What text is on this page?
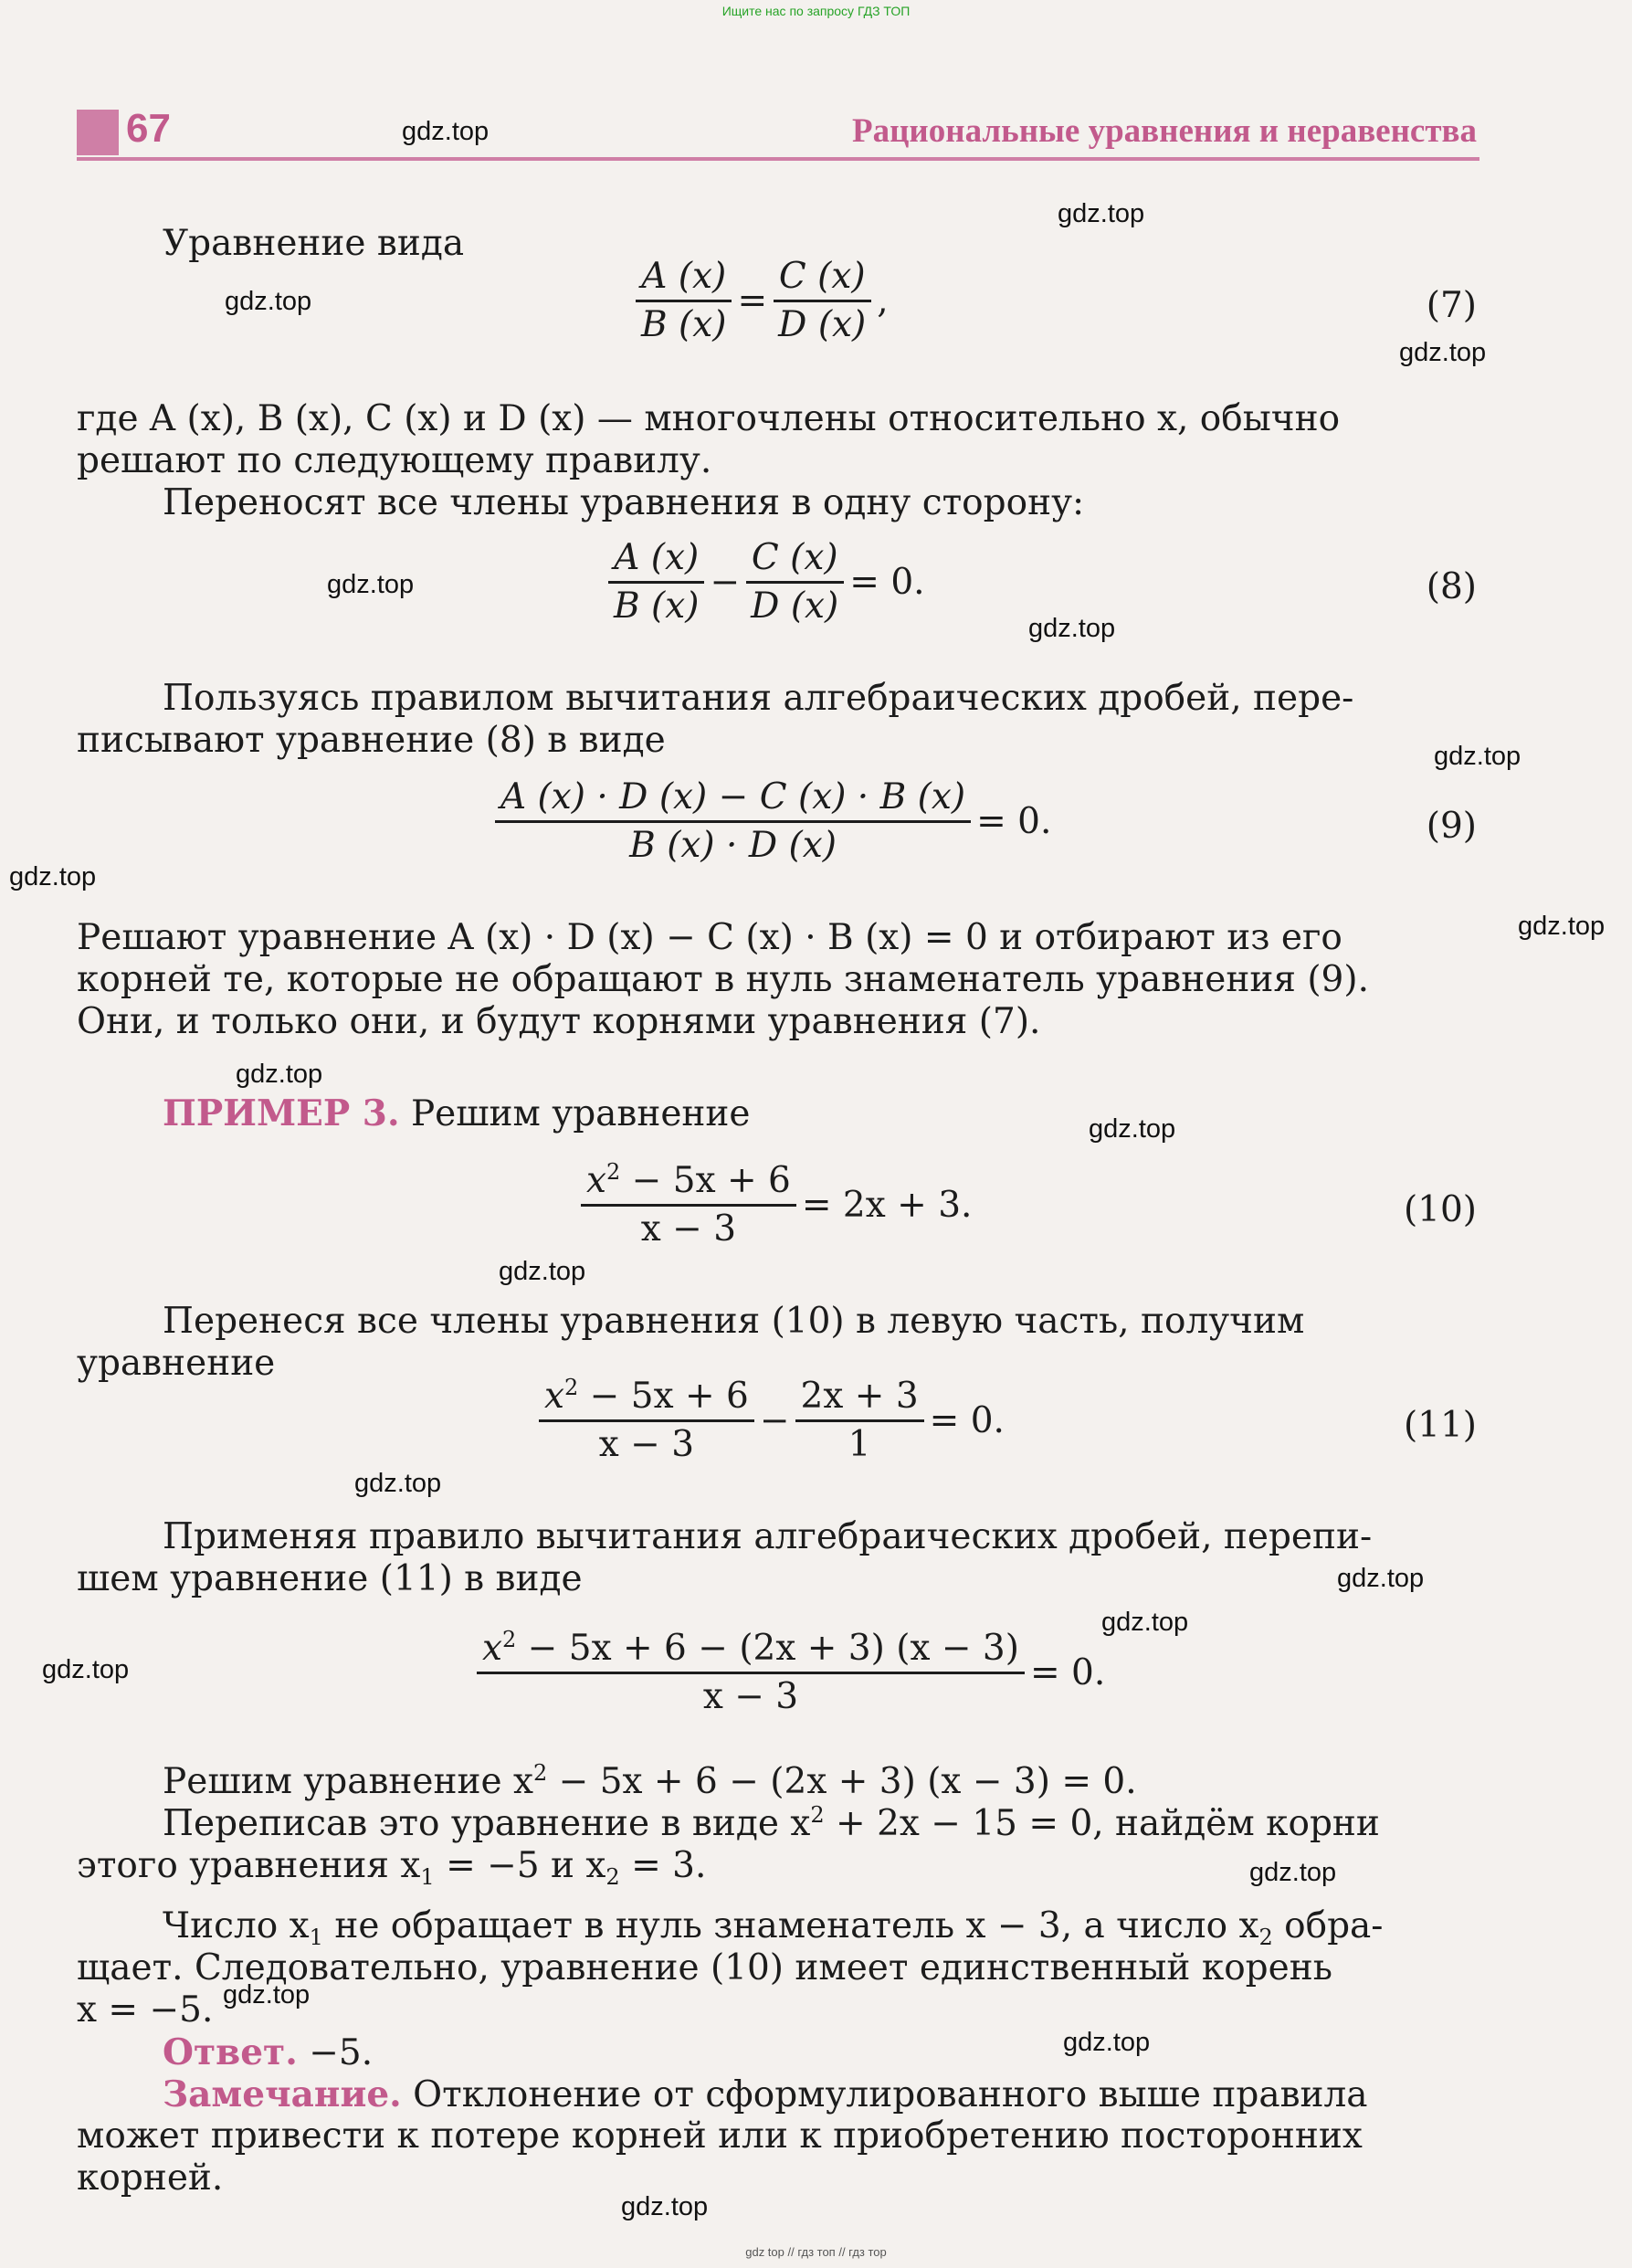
Ищите нас по запросу ГДЗ ТОП
67	Рациональные уравнения и неравенства
Уравнение вида
$\frac{A (x)}{B (x)} = \frac{C (x)}{D (x)}$ ,	(7)
где A (x), B (x), C (x) и D (x) — многочлены относительно x, обычно
решают по следующему правилу.
Переносят все члены уравнения в одну сторону:
$\frac{A (x)}{B (x)} - \frac{C (x)}{D (x)} = 0$.	(8)
Пользуясь правилом вычитания алгебраических дробей, пере-
писывают уравнение (8) в виде
$\frac{A (x) \cdot D (x) - C (x) \cdot B (x)}{B (x) \cdot D (x)} = 0$.	(9)
Решают уравнение A (x) · D (x) − C (x) · B (x) = 0 и отбирают из его
корней те, которые не обращают в нуль знаменатель уравнения (9).
Они, и только они, и будут корнями уравнения (7).
ПРИМЕР 3. Решим уравнение
$\frac{x^2 - 5x + 6}{x - 3} = 2x + 3$.	(10)
Перенеся все члены уравнения (10) в левую часть, получим
уравнение
$\frac{x^2 - 5x + 6}{x - 3} - \frac{2x + 3}{1} = 0$.	(11)
Применяя правило вычитания алгебраических дробей, перепи-
шем уравнение (11) в виде
$\frac{x^2 - 5x + 6 - (2x + 3) (x - 3)}{x - 3} = 0$.
Решим уравнение $x^2 - 5x + 6 - (2x + 3) (x - 3) = 0$.
Переписав это уравнение в виде $x^2 + 2x - 15 = 0$, найдём корни
этого уравнения $x_1 = -5$ и $x_2 = 3$.
Число $x_1$ не обращает в нуль знаменатель x − 3, а число $x_2$ обра-
щает. Следовательно, уравнение (10) имеет единственный корень
x = −5.
Ответ. −5.
Замечание. Отклонение от сформулированного выше правила
может привести к потере корней или к приобретению посторонних
корней.
gdz.top
gdz.top
gdz.top
gdz.top
gdz.top
gdz.top
gdz.top
gdz.top
gdz.top
gdz.top
gdz.top
gdz.top
gdz.top
gdz.top
gdz.top
gdz.top
gdz.top
gdz.top
gdz.top
gdz.top
gdz top // гдз топ // гдз тор
